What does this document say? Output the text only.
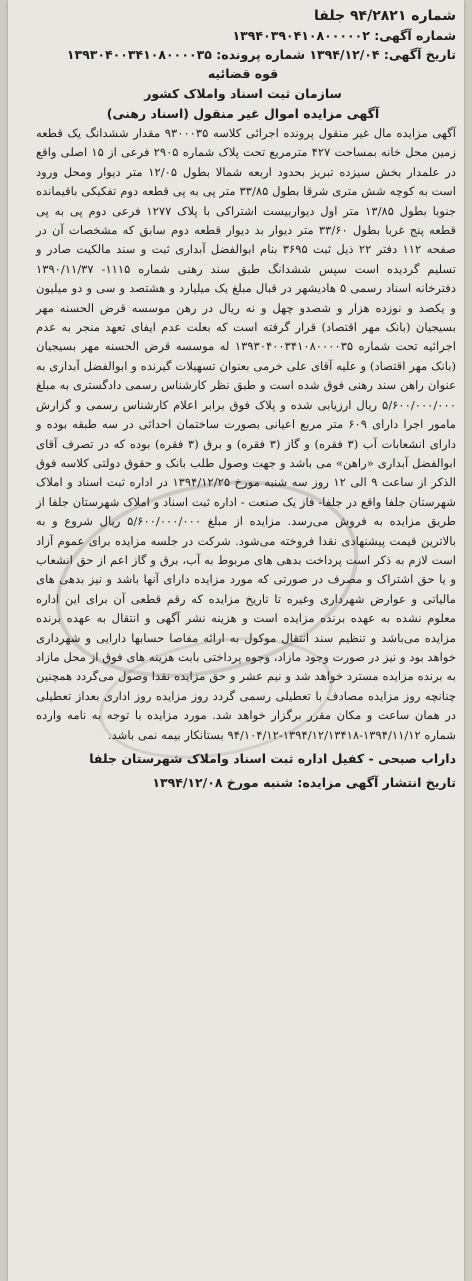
شماره ۹۴/۲۸۲۱ جلفا
شماره آگهی: ۱۳۹۴۰۳۹۰۴۱۰۸۰۰۰۰۰۲
تاریخ آگهی: ۱۳۹۴/۱۲/۰۴ شماره پرونده: ۱۳۹۳۰۴۰۰۳۴۱۰۸۰۰۰۰۳۵
قوه قضائیه
سازمان ثبت اسناد واملاک کشور
آگهی مزایده اموال غیر منقول (اسناد رهنی)

آگهی مزایده مال غیر منقول پرونده اجرائی کلاسه ۹۳۰۰۰۳۵ مقدار ششدانگ یک قطعه زمین محل خانه بمساحت ۴۲۷ مترمربع تحت پلاک شماره ۲۹۰۵ فرعی از ۱۵ اصلی واقع در علمدار بخش سیزده تبریز بحدود اربعه شمالا بطول ۱۲/۰۵ متر دیوار ومحل ورود است به کوچه شش متری شرقا بطول ۳۳/۸۵ متر پی به پی قطعه دوم تفکیکی باقیمانده جنوبا بطول ۱۳/۸۵ متر اول دیواربیست اشتراکی با پلاک ۱۲۷۷ فرعی دوم پی به پی قطعه پنج غربا بطول ۳۳/۶۰ متر دیوار بد دیوار قطعه دوم سابق که مشخصات آن در صفحه ۱۱۲ دفتر ۲۲ ذیل ثبت ۳۶۹۵ بنام ابوالفضل آبداری ثبت و سند مالکیت صادر و تسلیم گردیده است سپس ششدانگ طبق سند رهنی شماره ۱۱۱۵- ۱۳۹۰/۱۱/۳۷ دفترخانه اسناد رسمی ۵ هادیشهر در قبال مبلغ یک میلیارد و هشتصد و سی و دو میلیون و یکصد و نوزده هزار و شصدو چهل و نه ریال در رهن موسسه قرض الحسنه مهر بسیجیان (بانک مهر اقتصاد) قرار گرفته است که بعلت عدم ایفای تعهد منجر به عدم اجرائیه تحت شماره ۱۳۹۳۰۴۰۰۳۴۱۰۸۰۰۰۰۳۵ له موسسه قرض الحسنه مهر بسیجیان (بانک مهر اقتصاد) و علیه آقای علی خرمی بعنوان تسهیلات گیرنده و ابوالفضل آبداری به عنوان راهن سند رهنی فوق شده است و طبق نظر کارشناس رسمی دادگستری به مبلغ ۵/۶۰۰/۰۰۰/۰۰۰ ریال ارزیابی شده و پلاک فوق برابر اعلام کارشناس رسمی و گزارش مامور اجرا دارای ۶۰۹ متر مربع اعیانی بصورت ساختمان احداثی در سه طبقه بوده و دارای انشعابات آب (۳ فقره) و گاز (۳ فقره) و برق (۳ فقره) بوده که در تصرف آقای ابوالفضل آبداری «راهن» می باشد و جهت وصول طلب بانک و حقوق دولتی کلاسه فوق الذکر از ساعت ۹ الی ۱۲ روز سه شنبه مورخ ۱۳۹۴/۱۲/۲۵ در اداره ثبت اسناد و املاک شهرستان جلفا واقع در جلفا- فاز یک صنعت - اداره ثبت اسناد و املاک شهرستان جلفا از طریق مزایده به فروش می‌رسد. مزایده از مبلغ ۵/۶۰۰/۰۰۰/۰۰۰ ریال شروع و به بالاترین قیمت پیشنهادی نقدا فروخته می‌شود. شرکت در جلسه مزایده برای عموم آزاد است لازم به ذکر است پرداخت بدهی های مربوط به آب، برق و گاز اعم از حق انشعاب و یا حق اشتراک و مصرف در صورتی که مورد مزایده دارای آنها باشد و نیز بدهی های مالیاتی و عوارض شهرداری وغیره تا تاریخ مزایده که رقم قطعی آن برای این اداره معلوم نشده به عهده برنده مزایده است و هزینه نشر آگهی و انتقال به عهده برنده مزایده می‌باشد و تنظیم سند انتقال موکول به ارائه مفاصا حسابها دارایی و شهرداری خواهد بود و نیز در صورت وجود مازاد، وجوه پرداختی بابت هزینه های فوق از محل مازاد به برنده مزایده مسترد خواهد شد و نیم عشر و حق مزایده نقدا وصول می‌گردد همچنین چنانچه روز مزایده مصادف با تعطیلی رسمی گردد روز مزایده روز اداری بعداز تعطیلی در همان ساعت و مکان مقرر برگزار خواهد شد. مورد مزایده با توجه به نامه وارده شماره ۱۳۹۴/۱۱/۱۲-۱۳۹۴/۱۲/۱۳۴۱۸-۹۴/۱۰۴/۱۲ بستانکار بیمه نمی باشد.

داراب صبحی - کفیل اداره ثبت اسناد واملاک شهرستان جلفا
تاریخ انتشار آگهی مزایده: شنبه مورخ ۱۳۹۴/۱۲/۰۸
